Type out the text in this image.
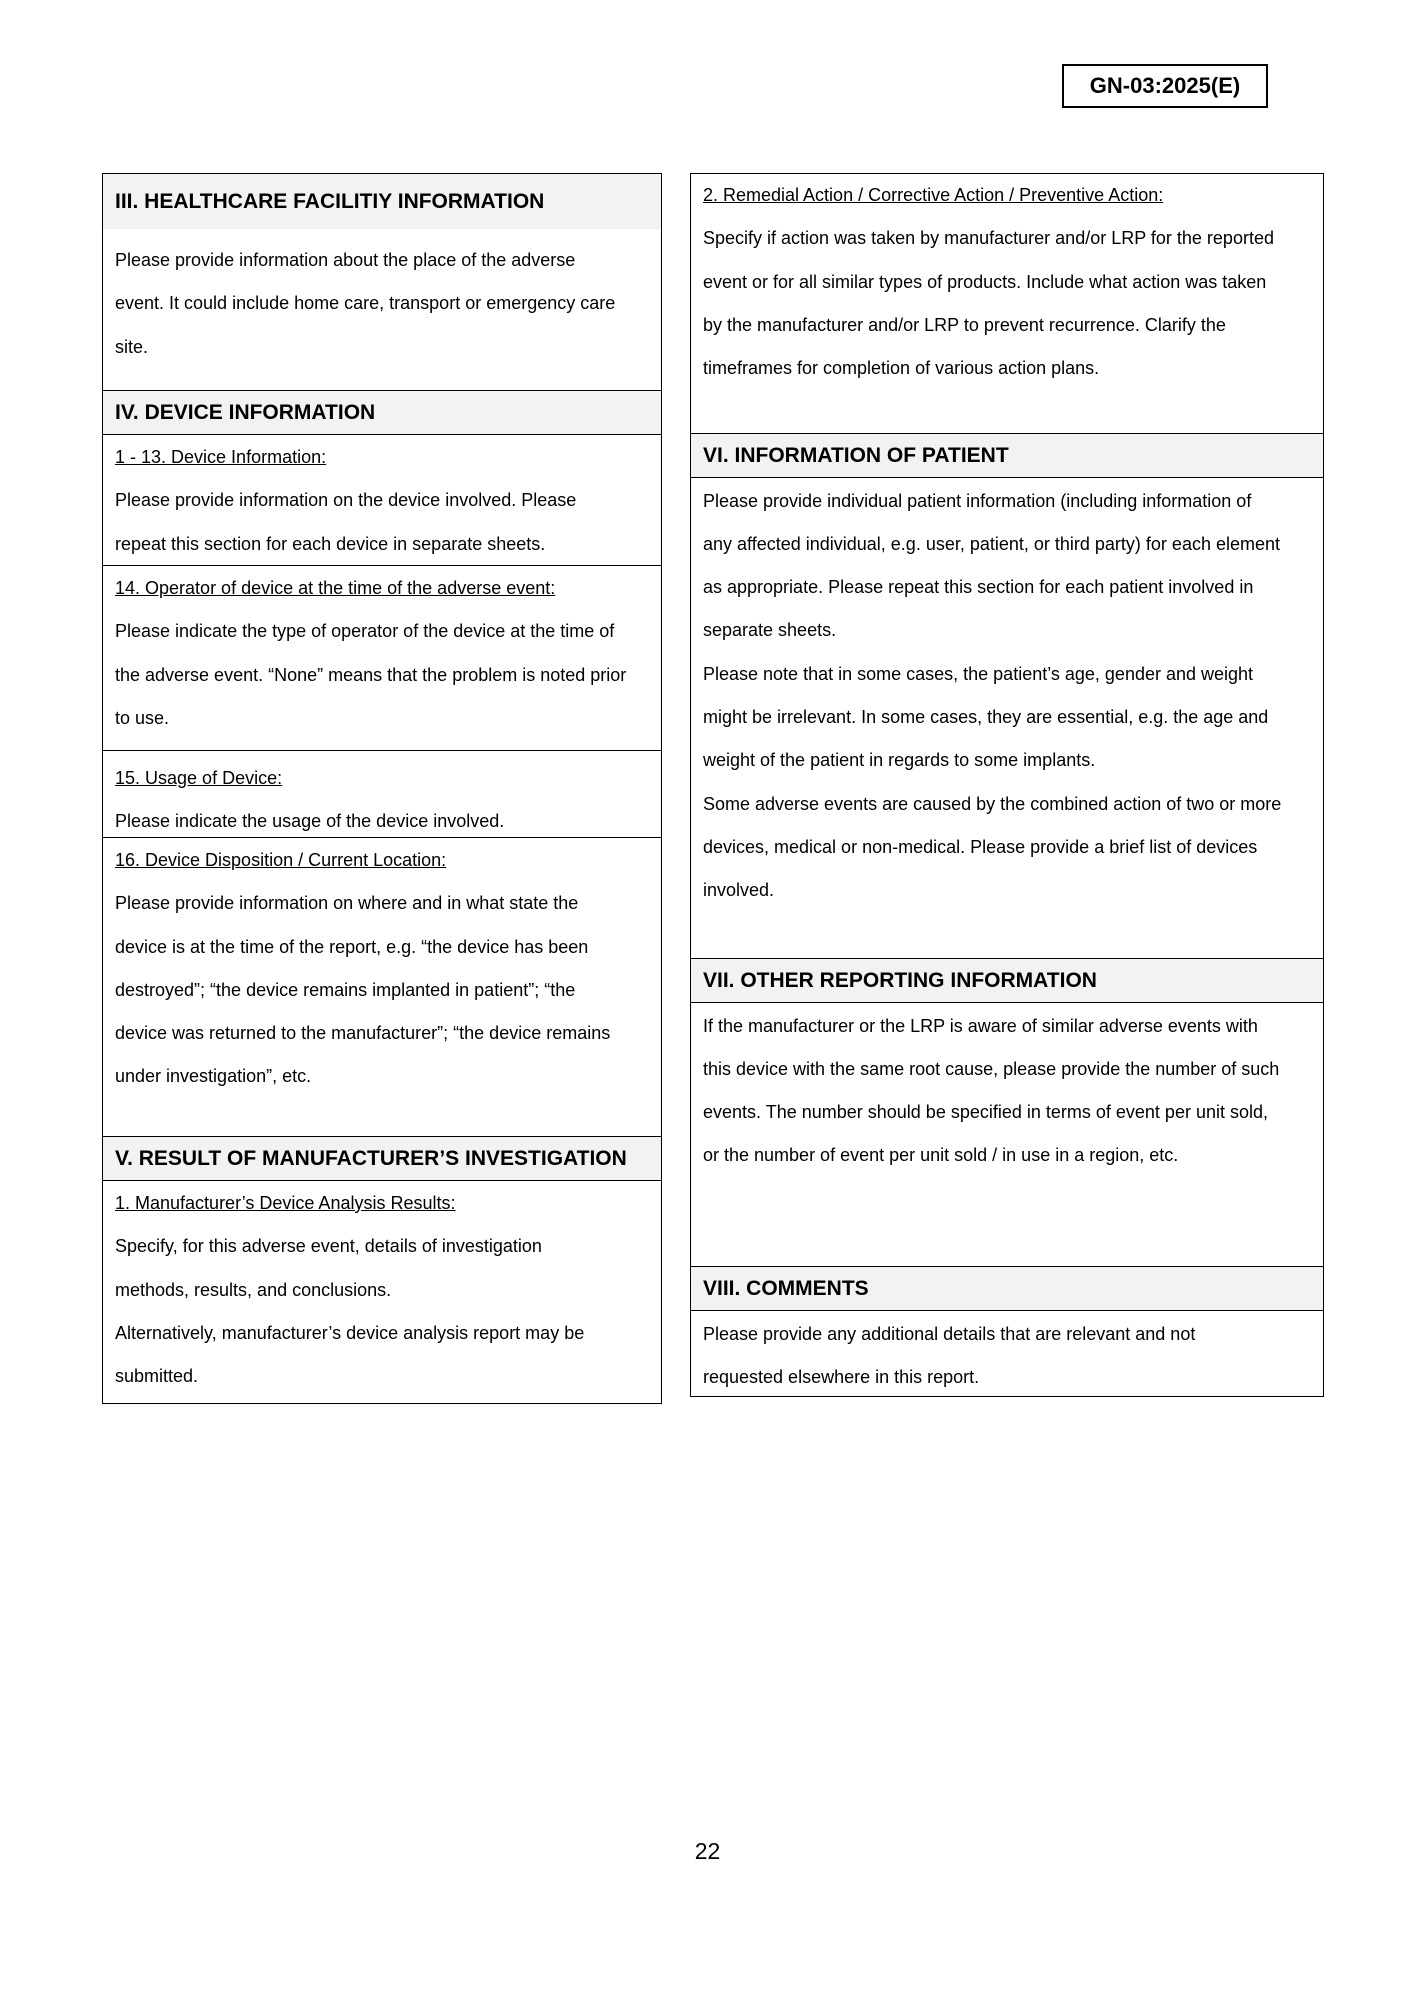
GN-03:2025(E)
III. HEALTHCARE FACILITIY INFORMATION
Please provide information about the place of the adverse
event. It could include home care, transport or emergency care
site.
IV. DEVICE INFORMATION
1 - 13. Device Information:
Please provide information on the device involved. Please
repeat this section for each device in separate sheets.
14. Operator of device at the time of the adverse event:
Please indicate the type of operator of the device at the time of
the adverse event. “None” means that the problem is noted prior
to use.
15. Usage of Device:
Please indicate the usage of the device involved.
16. Device Disposition / Current Location:
Please provide information on where and in what state the
device is at the time of the report, e.g. “the device has been
destroyed”; “the device remains implanted in patient”; “the
device was returned to the manufacturer”; “the device remains
under investigation”, etc.
V. RESULT OF MANUFACTURER’S INVESTIGATION
1. Manufacturer’s Device Analysis Results:
Specify, for this adverse event, details of investigation
methods, results, and conclusions.
Alternatively, manufacturer’s device analysis report may be
submitted.
2. Remedial Action / Corrective Action / Preventive Action:
Specify if action was taken by manufacturer and/or LRP for the reported
event or for all similar types of products. Include what action was taken
by the manufacturer and/or LRP to prevent recurrence. Clarify the
timeframes for completion of various action plans.
VI. INFORMATION OF PATIENT
Please provide individual patient information (including information of
any affected individual, e.g. user, patient, or third party) for each element
as appropriate. Please repeat this section for each patient involved in
separate sheets.
Please note that in some cases, the patient’s age, gender and weight
might be irrelevant. In some cases, they are essential, e.g. the age and
weight of the patient in regards to some implants.
Some adverse events are caused by the combined action of two or more
devices, medical or non-medical. Please provide a brief list of devices
involved.
VII. OTHER REPORTING INFORMATION
If the manufacturer or the LRP is aware of similar adverse events with
this device with the same root cause, please provide the number of such
events. The number should be specified in terms of event per unit sold,
or the number of event per unit sold / in use in a region, etc.
VIII. COMMENTS
Please provide any additional details that are relevant and not
requested elsewhere in this report.
22
